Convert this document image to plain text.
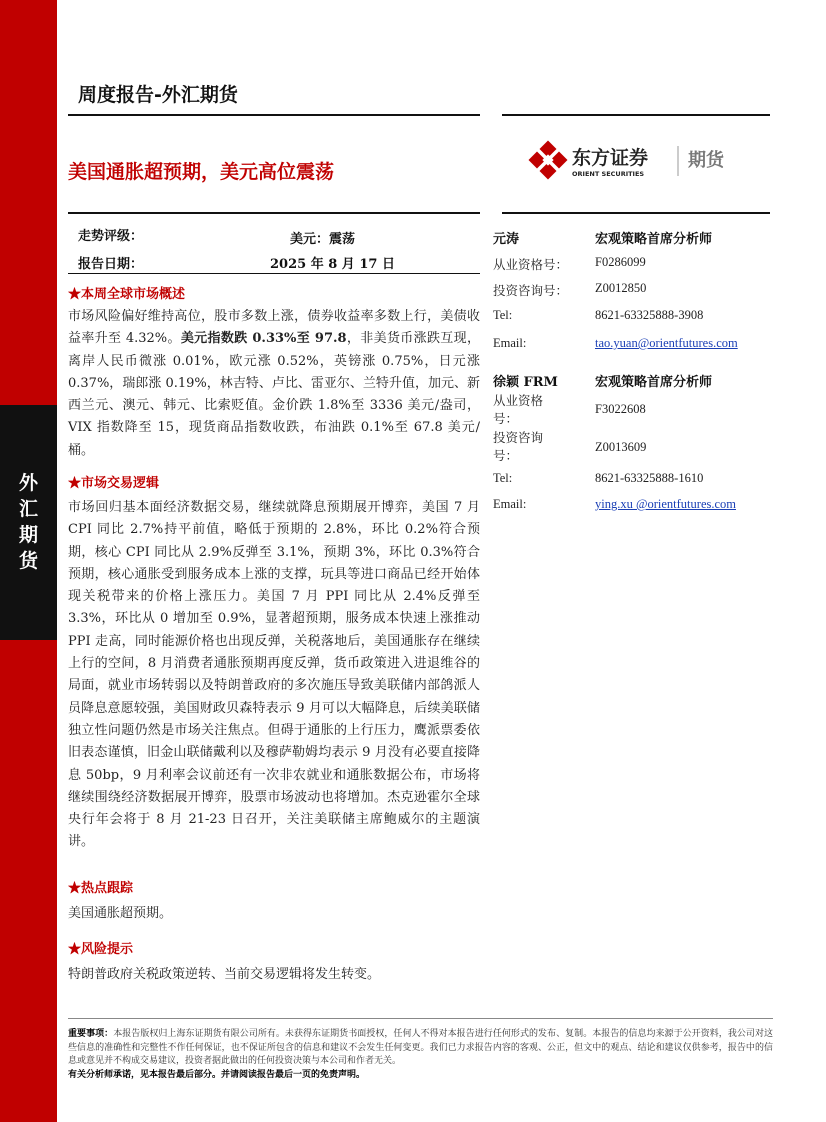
外
汇
期
货
周度报告-外汇期货
美国通胀超预期，美元高位震荡
东方证券
ORIENT SECURITIES
期货
走势评级：	美元：震荡
报告日期：	2025 年 8 月 17 日
★本周全球市场概述

市场风险偏好维持高位，股市多数上涨，债券收益率多数上行，美债收益率升至 4.32%。美元指数跌 0.33%至 97.8，非美货币涨跌互现，离岸人民币微涨 0.01%，欧元涨 0.52%，英镑涨 0.75%，日元涨 0.37%，瑞郎涨 0.19%，林吉特、卢比、雷亚尔、兰特升值，加元、新西兰元、澳元、韩元、比索贬值。金价跌 1.8%至 3336 美元/盎司，VIX 指数降至 15，现货商品指数收跌，布油跌 0.1%至 67.8 美元/桶。

★市场交易逻辑
市场回归基本面经济数据交易，继续就降息预期展开博弈，美国 7 月 CPI 同比 2.7%持平前值，略低于预期的 2.8%，环比 0.2%符合预期，核心 CPI 同比从 2.9%反弹至 3.1%，预期 3%，环比 0.3%符合预期，核心通胀受到服务成本上涨的支撑，玩具等进口商品已经开始体现关税带来的价格上涨压力。美国 7 月 PPI 同比从 2.4%反弹至 3.3%，环比从 0 增加至 0.9%，显著超预期，服务成本快速上涨推动 PPI 走高，同时能源价格也出现反弹，关税落地后，美国通胀存在继续上行的空间，8 月消费者通胀预期再度反弹，货币政策进入进退维谷的局面，就业市场转弱以及特朗普政府的多次施压导致美联储内部鸽派人员降息意愿较强，美国财政贝森特表示 9 月可以大幅降息，后续美联储独立性问题仍然是市场关注焦点。但碍于通胀的上行压力，鹰派票委依旧表态谨慎，旧金山联储戴利以及穆萨勒姆均表示 9 月没有必要直接降息 50bp，9 月利率会议前还有一次非农就业和通胀数据公布，市场将继续围绕经济数据展开博弈，股票市场波动也将增加。杰克逊霍尔全球央行年会将于 8 月 21-23 日召开，关注美联储主席鲍威尔的主题演讲。
★热点跟踪
美国通胀超预期。
★风险提示
特朗普政府关税政策逆转、当前交易逻辑将发生转变。
元涛	宏观策略首席分析师
从业资格号： F0286099
投资咨询号： Z0012850
Tel:	8621-63325888-3908
Email:	tao.yuan@orientfutures.com
徐颖 FRM	宏观策略首席分析师
从业资格号：
F3022608
投资咨询号：
Z0013609
Tel:	8621-63325888-1610
Email:	ying.xu @orientfutures.com
重要事项：本报告版权归上海东证期货有限公司所有。未获得东证期货书面授权，任何人不得对本报告进行任何形式的发布、复制。本报告的信息均来源于公开资料，我公司对这些信息的准确性和完整性不作任何保证，也不保证所包含的信息和建议不会发生任何变更。我们已力求报告内容的客观、公正，但文中的观点、结论和建议仅供参考，报告中的信息或意见并不构成交易建议，投资者据此做出的任何投资决策与本公司和作者无关。
有关分析师承诺，见本报告最后部分。并请阅读报告最后一页的免责声明。
